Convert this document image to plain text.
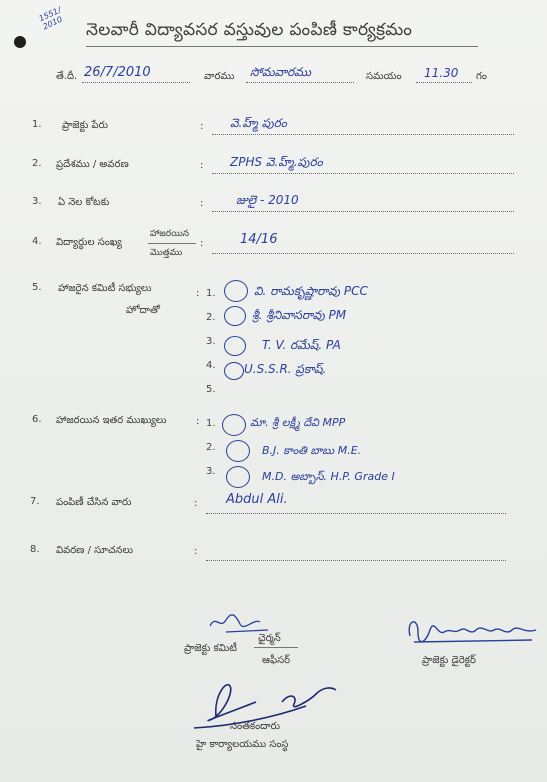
1551/ 2010	నెలవారీ విద్యావసర వస్తువుల పంపిణీ కార్యక్రమం
తే.దీ. 26/7/2010	వారము సోమవారము	సమయం 11.30 గం
1. ప్రాజెక్టు పేరు	: వె.హ్మ్ పురం
2. ప్రదేశము / అవరణ	: ZPHS వె.హ్మ్.పురం
3. ఏ నెల కోటకు	:	జులై - 2010
4. విద్యార్థుల సంఖ్య
హాజరయిన
మొత్తము
:	14/16
5. హాజరైన కమిటీ సభ్యులు
హోదాతో
: 1.	వి. రామకృష్ణారావు PCC
2.	శ్రీ. శ్రీనివాసరావు PM
3.	T. V. రమేష్. PA
4. U.S.S.R. ప్రకాష్.
5.
6. హాజరయిన ఇతర ముఖ్యులు	: 1.	మా. శ్రీ లక్ష్మీ దేవి MPP
2.	B.J. కాంతి బాబు M.E.
3.	M.D. అబ్బాస్. H.P. Grade I
7. పంపిణీ చేసిన వారు	: Abdul Ali.
8. వివరణ / సూచనలు	:
ప్రాజెక్టు కమిటీ
ఛైర్మన్
ఆఫీసర్	ప్రాజెక్టు డైరెక్టర్
సంతకందారు
హై కార్యాలయము సంస్థ
